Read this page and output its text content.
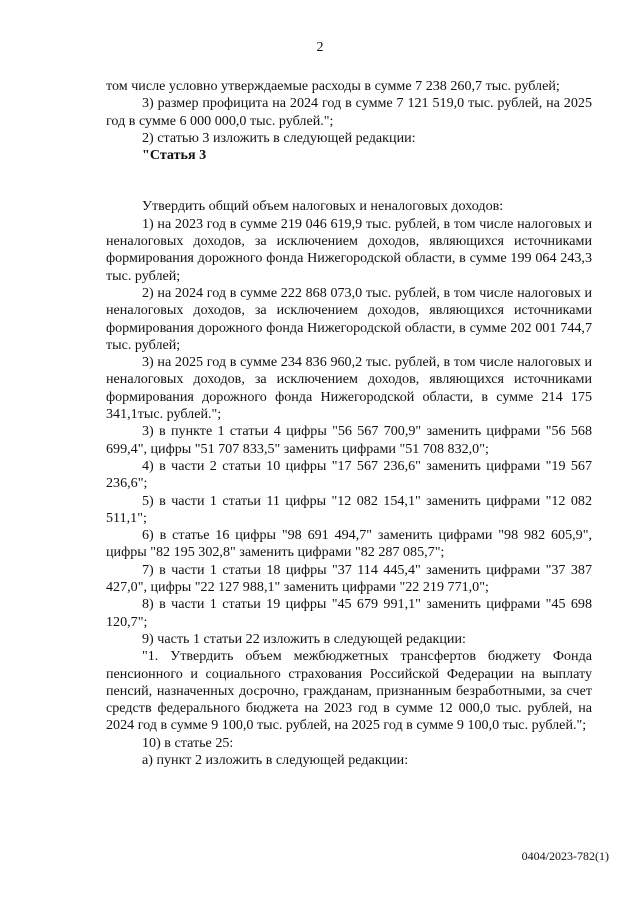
2

том числе условно утверждаемые расходы в сумме 7 238 260,7 тыс. рублей;

3) размер профицита на 2024 год в сумме 7 121 519,0 тыс. рублей, на 2025 год в сумме 6 000 000,0 тыс. рублей.";

2) статью 3 изложить в следующей редакции:

"Статья 3

Утвердить общий объем налоговых и неналоговых доходов:

1) на 2023 год в сумме 219 046 619,9 тыс. рублей, в том числе налоговых и неналоговых доходов, за исключением доходов, являющихся источниками формирования дорожного фонда Нижегородской области, в сумме 199 064 243,3 тыс. рублей;

2) на 2024 год в сумме 222 868 073,0 тыс. рублей, в том числе налоговых и неналоговых доходов, за исключением доходов, являющихся источниками формирования дорожного фонда Нижегородской области, в сумме 202 001 744,7 тыс. рублей;

3) на 2025 год в сумме 234 836 960,2 тыс. рублей, в том числе налоговых и неналоговых доходов, за исключением доходов, являющихся источниками формирования дорожного фонда Нижегородской области, в сумме 214 175 341,1тыс. рублей.";

3) в пункте 1 статьи 4 цифры "56 567 700,9" заменить цифрами "56 568 699,4", цифры "51 707 833,5" заменить цифрами "51 708 832,0";

4) в части 2 статьи 10 цифры "17 567 236,6" заменить цифрами "19 567 236,6";

5) в части 1 статьи 11 цифры "12 082 154,1" заменить цифрами "12 082 511,1";

6) в статье 16 цифры "98 691 494,7" заменить цифрами "98 982 605,9", цифры "82 195 302,8" заменить цифрами "82 287 085,7";

7) в части 1 статьи 18 цифры "37 114 445,4" заменить цифрами "37 387 427,0", цифры "22 127 988,1" заменить цифрами "22 219 771,0";

8) в части 1 статьи 19 цифры "45 679 991,1" заменить цифрами "45 698 120,7";

9) часть 1 статьи 22 изложить в следующей редакции:

"1. Утвердить объем межбюджетных трансфертов бюджету Фонда пенсионного и социального страхования Российской Федерации на выплату пенсий, назначенных досрочно, гражданам, признанным безработными, за счет средств федерального бюджета на 2023 год в сумме 12 000,0 тыс. рублей, на 2024 год в сумме 9 100,0 тыс. рублей, на 2025 год в сумме 9 100,0 тыс. рублей.";

10) в статье 25:

а) пункт 2 изложить в следующей редакции:

0404/2023-782(1)
